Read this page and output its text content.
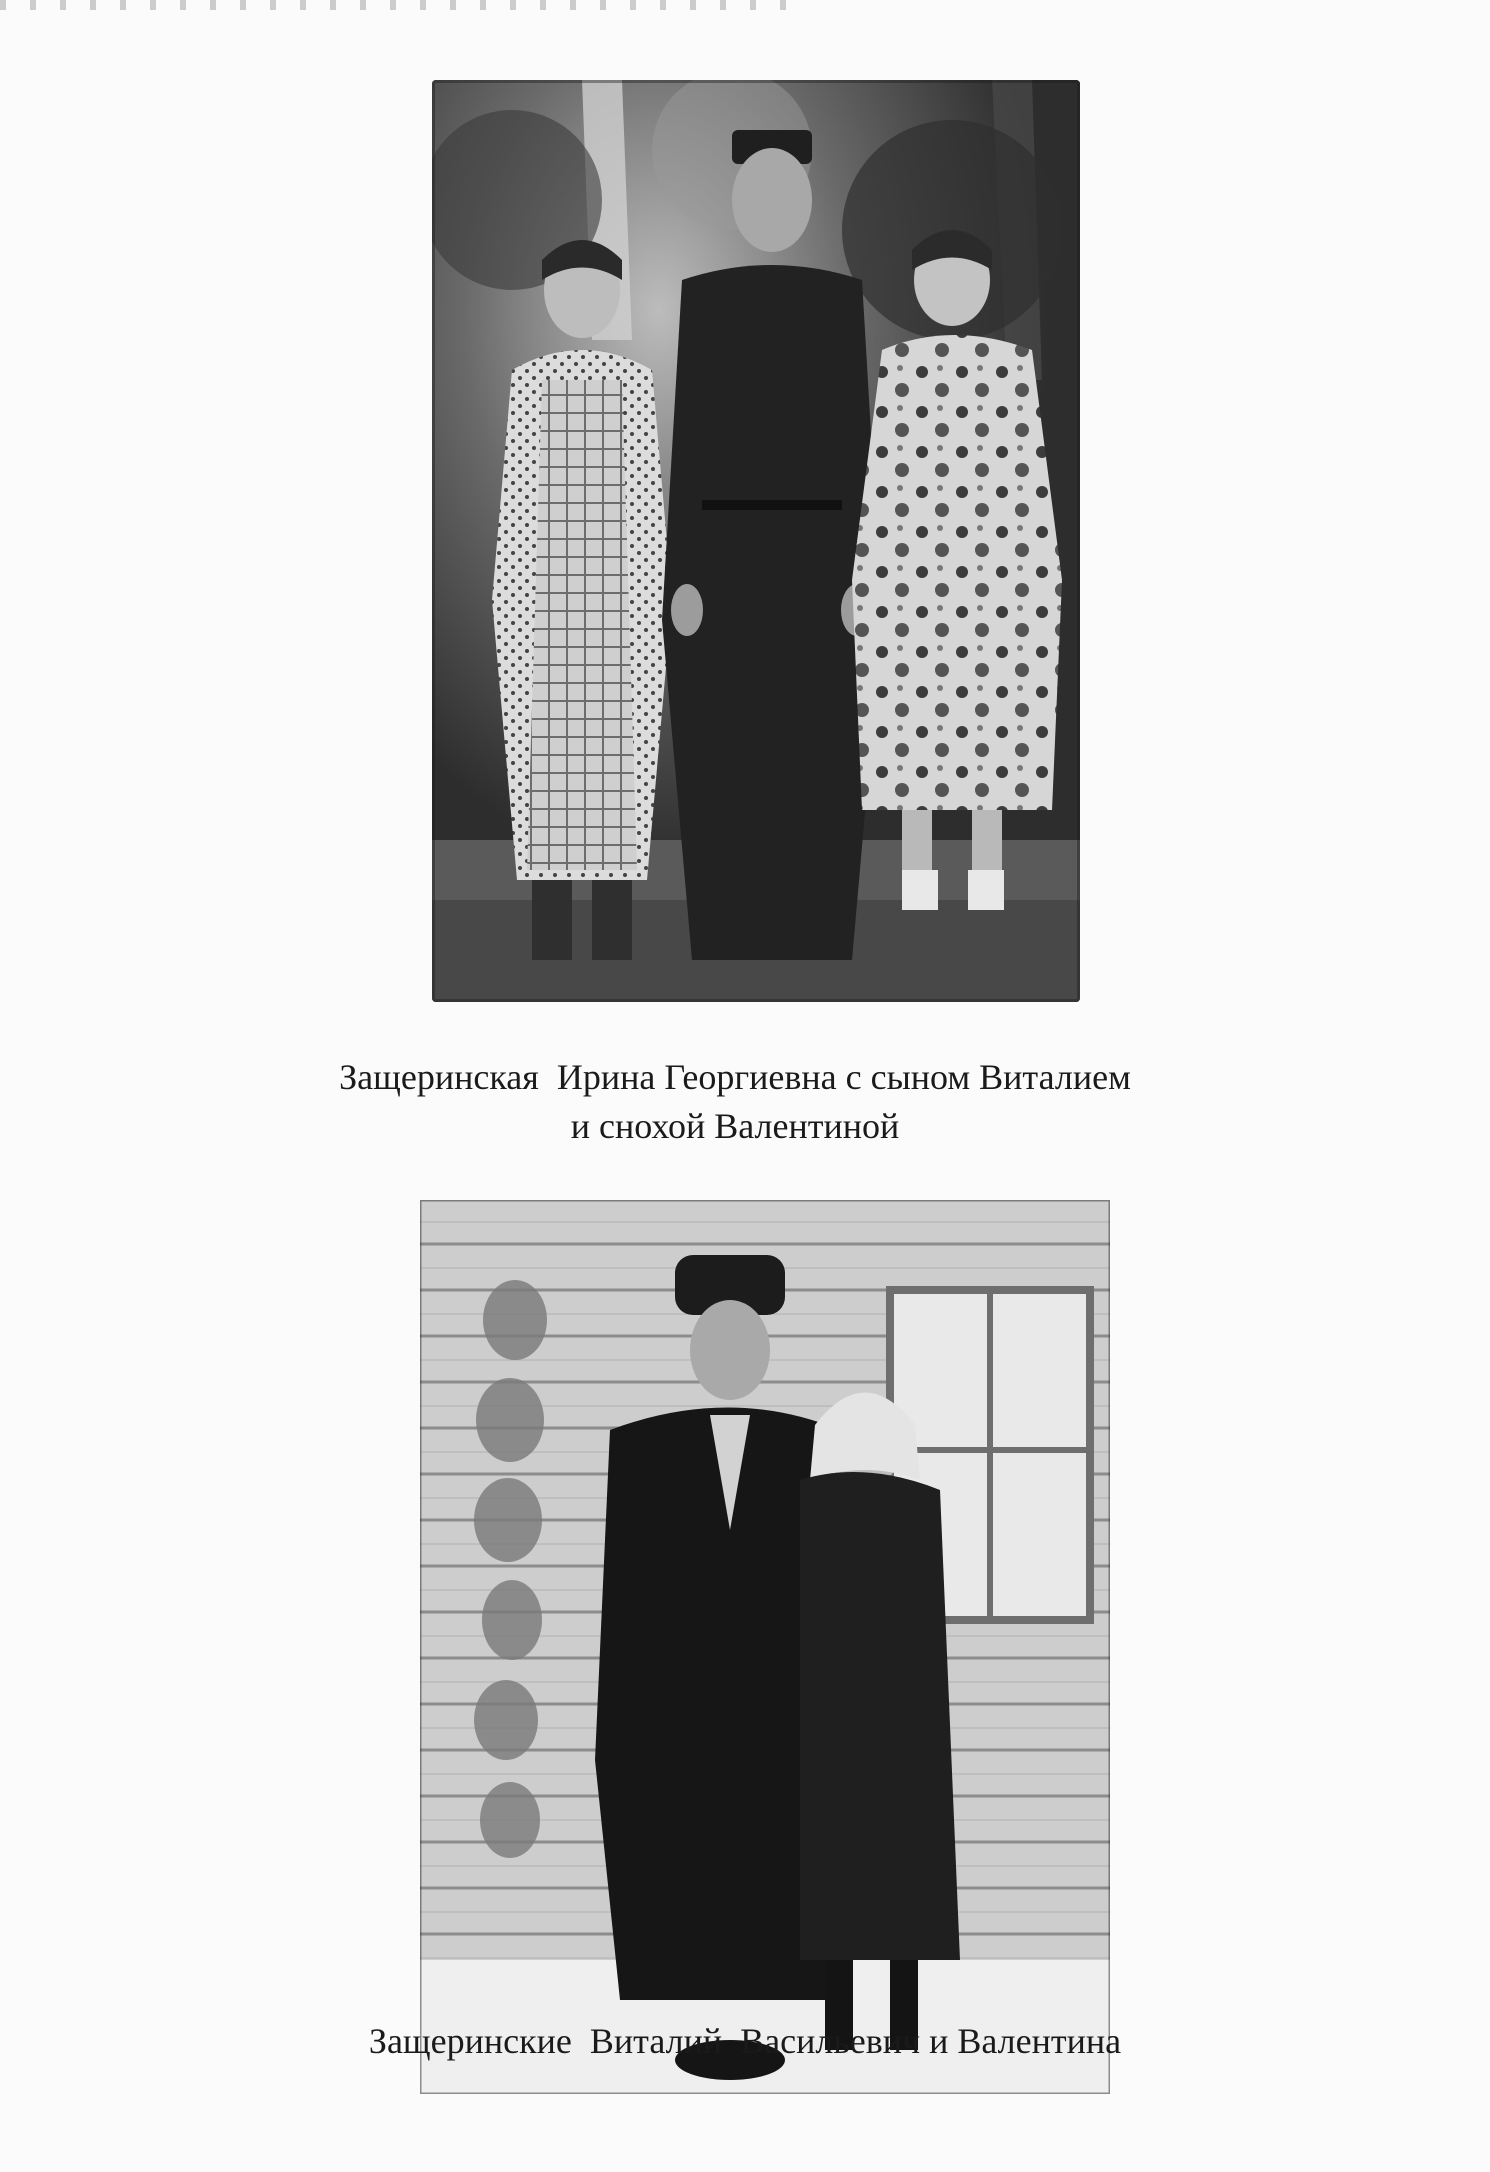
Защеринская  Ирина Георгиевна с сыном Виталием
и снохой Валентиной
Защеринские  Виталий  Васильевич и Валентина
